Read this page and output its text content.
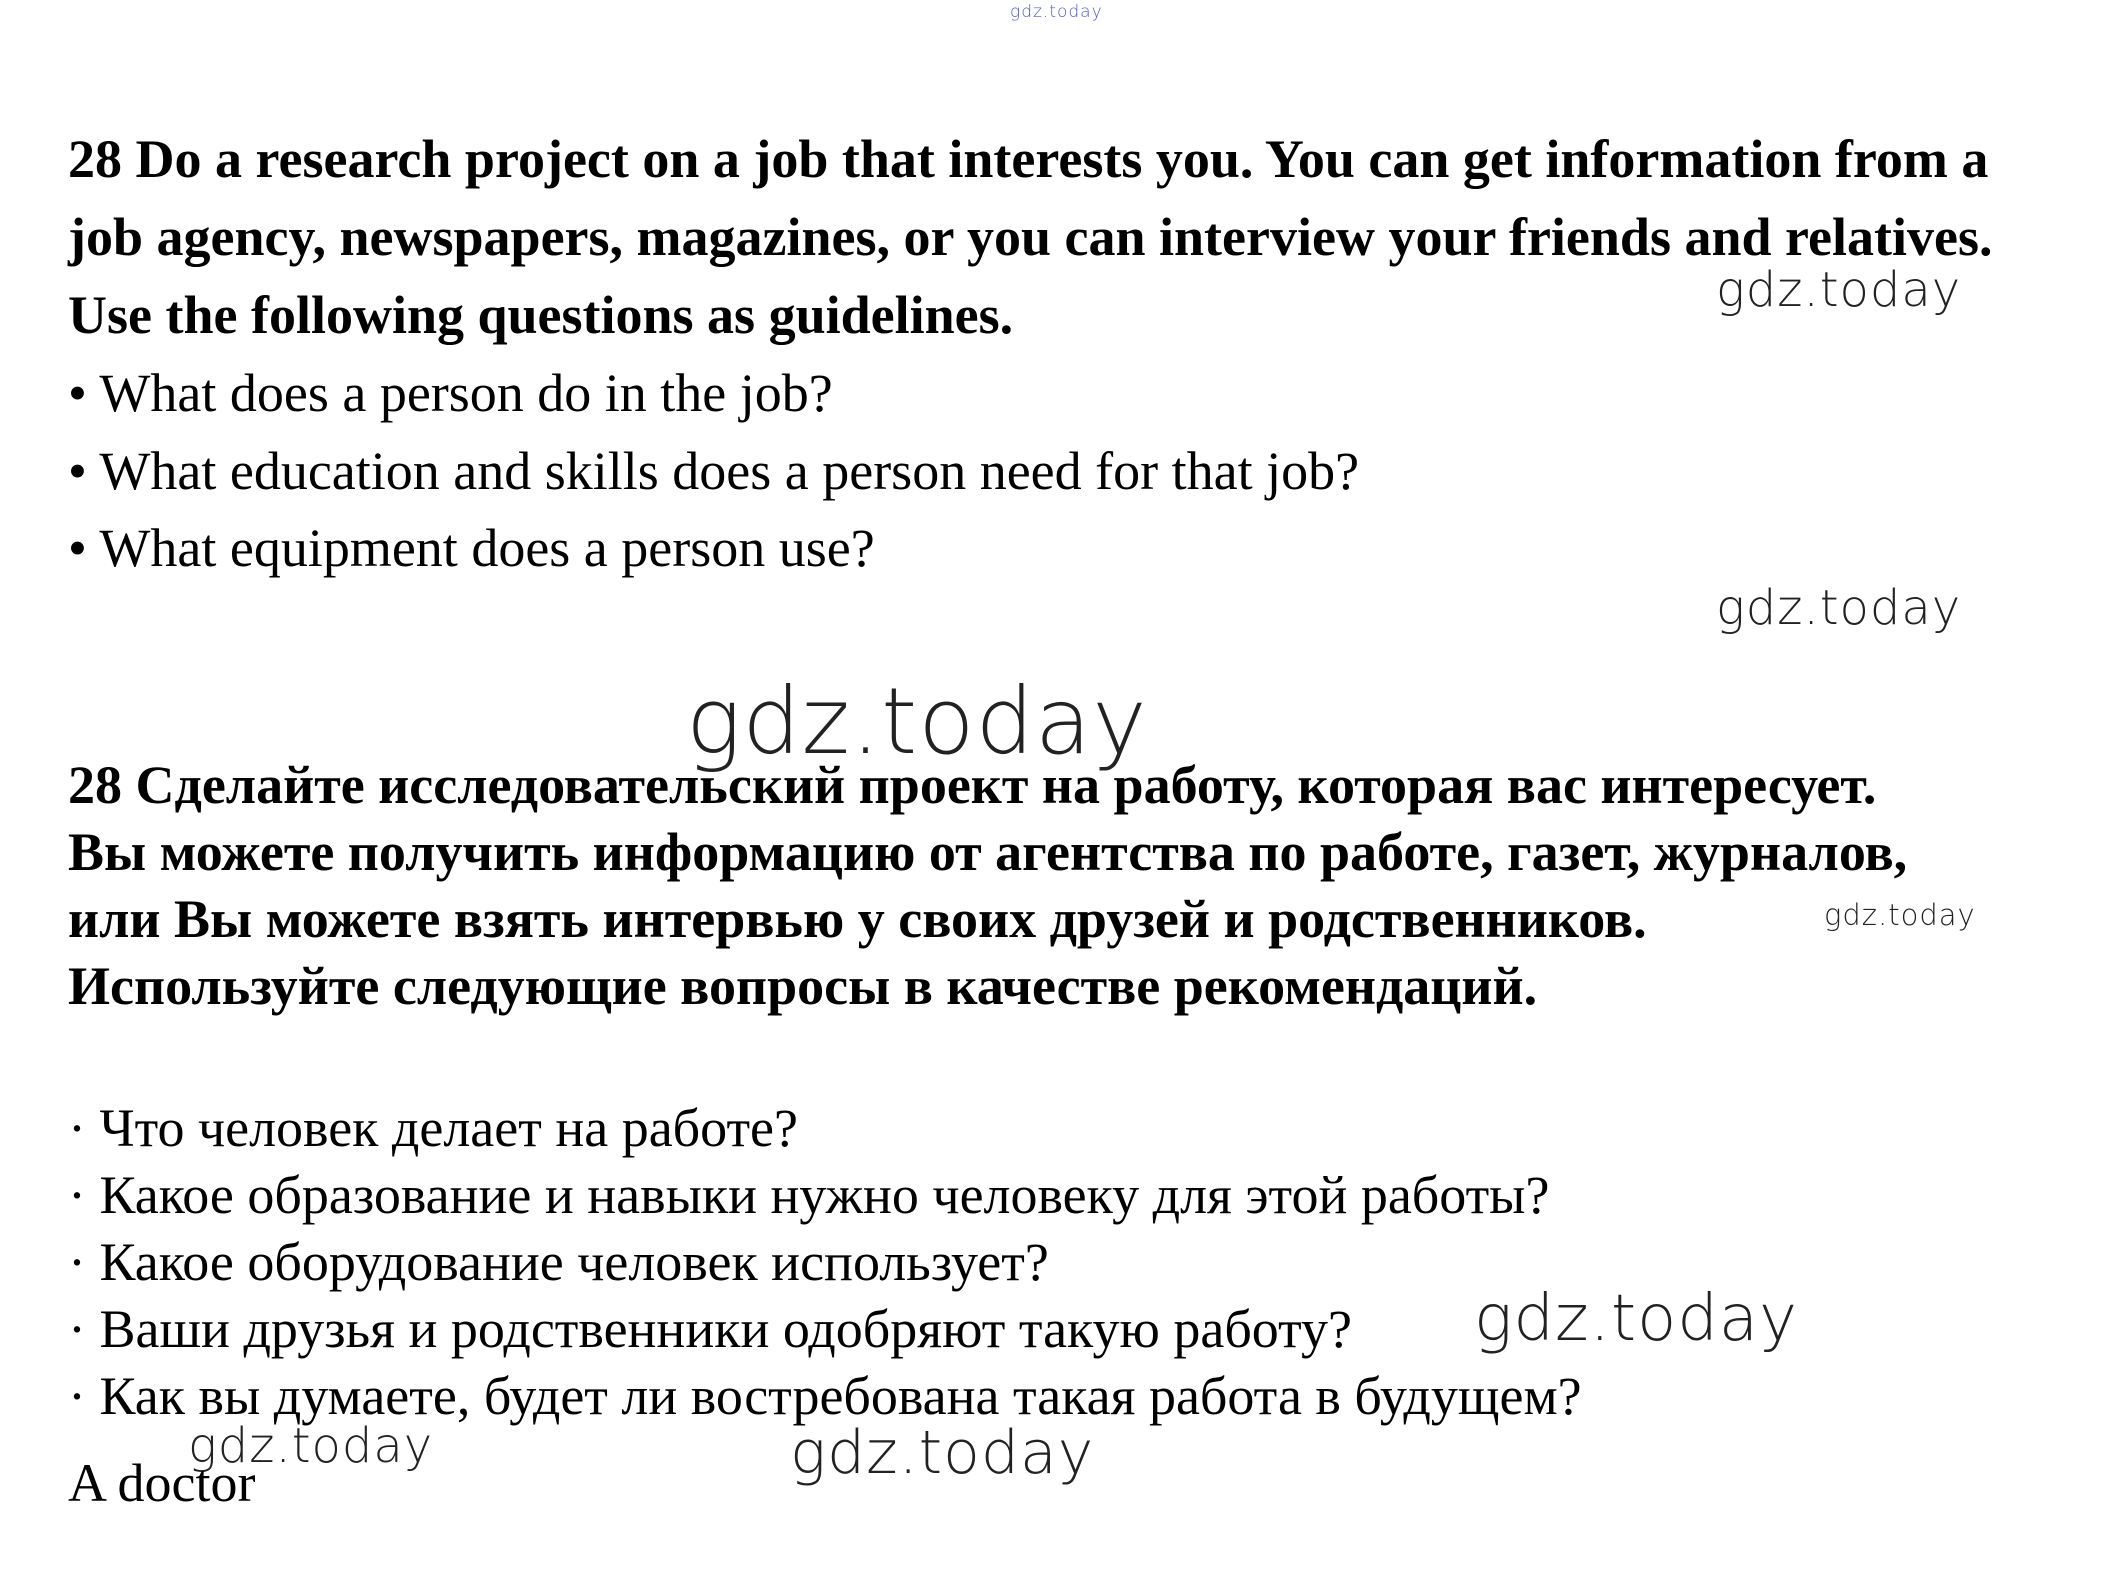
gdz.today

28 Do a research project on a job that interests you. You can get information from a job agency, newspapers, magazines, or you can interview your friends and relatives. Use the following questions as guidelines.

• What does a person do in the job?

• What education and skills does a person need for that job?

• What equipment does a person use?

gdz.today
gdz.today
gdz.today

28 Сделайте исследовательский проект на работу, которая вас интересует. Вы можете получить информацию от агентства по работе, газет, журналов, или Вы можете взять интервью у своих друзей и родственников. Используйте следующие вопросы в качестве рекомендаций.

gdz.today

· Что человек делает на работе?

· Какое образование и навыки нужно человеку для этой работы?

· Какое оборудование человек использует?

· Ваши друзья и родственники одобряют такую работу?

· Как вы думаете, будет ли востребована такая работа в будущем?

gdz.today
gdz.today	gdz.today

A doctor
